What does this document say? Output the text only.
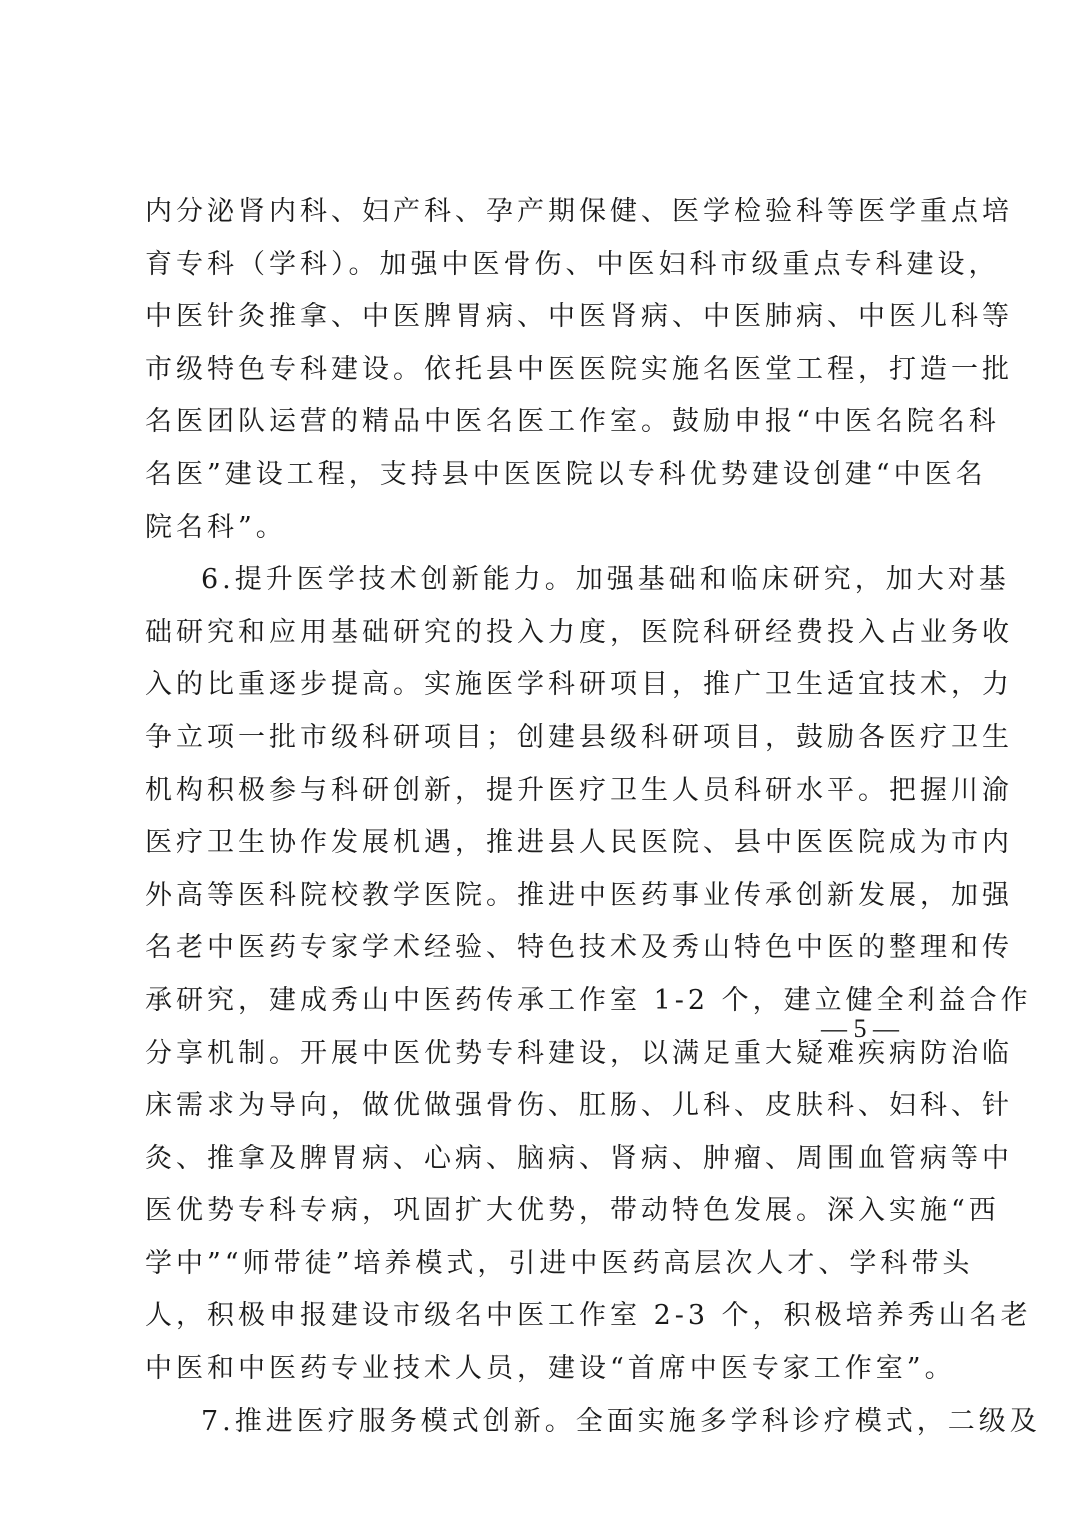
内分泌肾内科、妇产科、孕产期保健、医学检验科等医学重点培
育专科（学科）。加强中医骨伤、中医妇科市级重点专科建设，
中医针灸推拿、中医脾胃病、中医肾病、中医肺病、中医儿科等
市级特色专科建设。依托县中医医院实施名医堂工程，打造一批
名医团队运营的精品中医名医工作室。鼓励申报“中医名院名科
名医”建设工程，支持县中医医院以专科优势建设创建“中医名
院名科”。
6.提升医学技术创新能力。加强基础和临床研究，加大对基
础研究和应用基础研究的投入力度，医院科研经费投入占业务收
入的比重逐步提高。实施医学科研项目，推广卫生适宜技术，力
争立项一批市级科研项目；创建县级科研项目，鼓励各医疗卫生
机构积极参与科研创新，提升医疗卫生人员科研水平。把握川渝
医疗卫生协作发展机遇，推进县人民医院、县中医医院成为市内
外高等医科院校教学医院。推进中医药事业传承创新发展，加强
名老中医药专家学术经验、特色技术及秀山特色中医的整理和传
承研究，建成秀山中医药传承工作室 1-2 个，建立健全利益合作
分享机制。开展中医优势专科建设，以满足重大疑难疾病防治临
床需求为导向，做优做强骨伤、肛肠、儿科、皮肤科、妇科、针
灸、推拿及脾胃病、心病、脑病、肾病、肿瘤、周围血管病等中
医优势专科专病，巩固扩大优势，带动特色发展。深入实施“西
学中”“师带徒”培养模式，引进中医药高层次人才、学科带头
人，积极申报建设市级名中医工作室 2-3 个，积极培养秀山名老
中医和中医药专业技术人员，建设“首席中医专家工作室”。
7.推进医疗服务模式创新。全面实施多学科诊疗模式，二级及
— 5 —
